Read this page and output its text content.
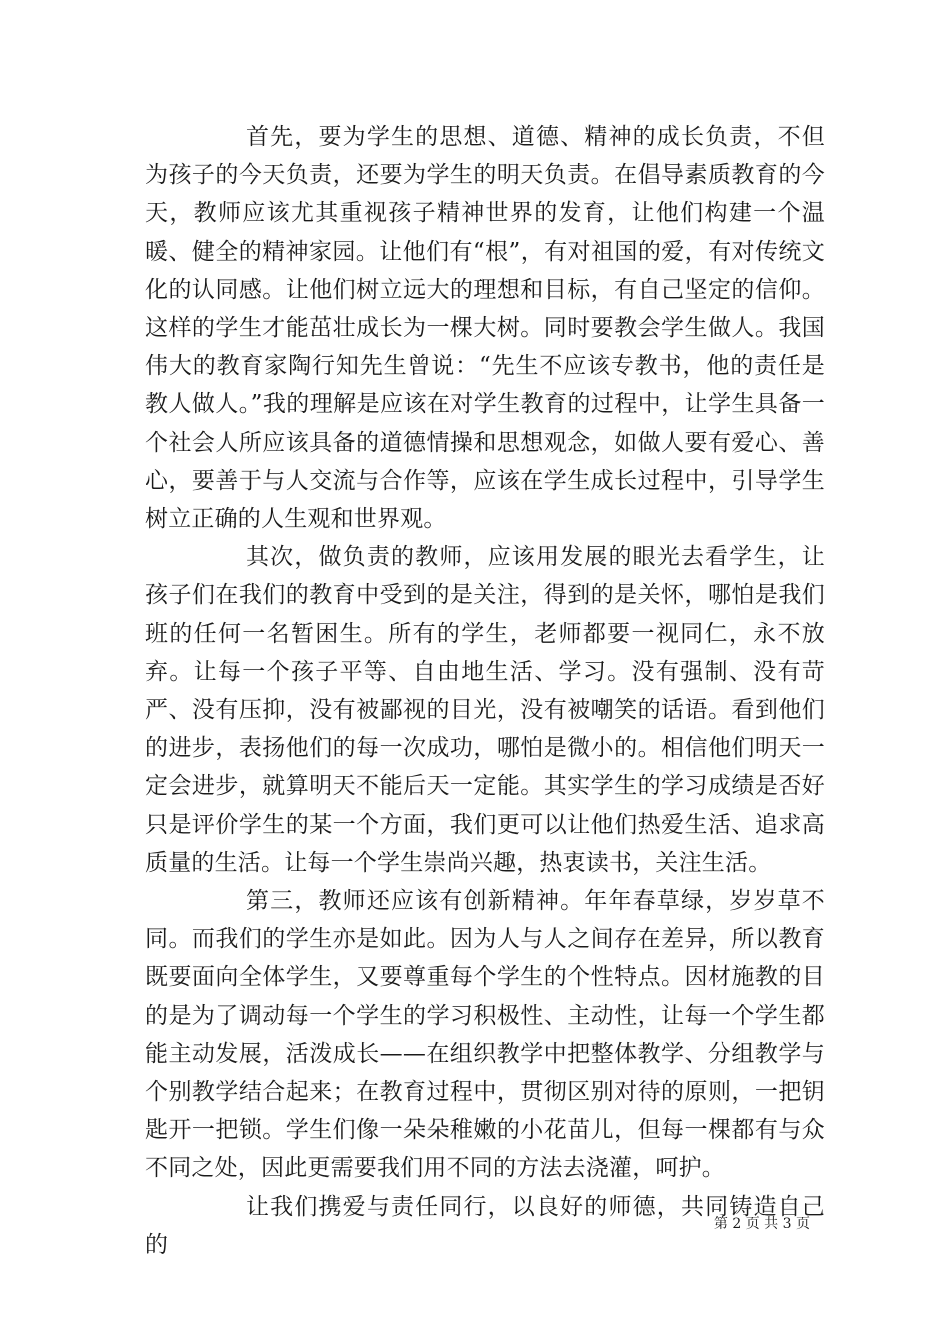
首先，要为学生的思想、道德、精神的成长负责，不但为孩子的今天负责，还要为学生的明天负责。在倡导素质教育的今天，教师应该尤其重视孩子精神世界的发育，让他们构建一个温暖、健全的精神家园。让他们有“根”，有对祖国的爱，有对传统文化的认同感。让他们树立远大的理想和目标，有自己坚定的信仰。这样的学生才能茁壮成长为一棵大树。同时要教会学生做人。我国伟大的教育家陶行知先生曾说：“先生不应该专教书，他的责任是教人做人。”我的理解是应该在对学生教育的过程中，让学生具备一个社会人所应该具备的道德情操和思想观念，如做人要有爱心、善心，要善于与人交流与合作等，应该在学生成长过程中，引导学生树立正确的人生观和世界观。

其次，做负责的教师，应该用发展的眼光去看学生，让孩子们在我们的教育中受到的是关注，得到的是关怀，哪怕是我们班的任何一名暂困生。所有的学生，老师都要一视同仁，永不放弃。让每一个孩子平等、自由地生活、学习。没有强制、没有苛严、没有压抑，没有被鄙视的目光，没有被嘲笑的话语。看到他们的进步，表扬他们的每一次成功，哪怕是微小的。相信他们明天一定会进步，就算明天不能后天一定能。其实学生的学习成绩是否好只是评价学生的某一个方面，我们更可以让他们热爱生活、追求高质量的生活。让每一个学生崇尚兴趣，热衷读书，关注生活。

第三，教师还应该有创新精神。年年春草绿，岁岁草不同。而我们的学生亦是如此。因为人与人之间存在差异，所以教育既要面向全体学生，又要尊重每个学生的个性特点。因材施教的目的是为了调动每一个学生的学习积极性、主动性，让每一个学生都能主动发展，活泼成长——在组织教学中把整体教学、分组教学与个别教学结合起来；在教育过程中，贯彻区别对待的原则，一把钥匙开一把锁。学生们像一朵朵稚嫩的小花苗儿，但每一棵都有与众不同之处，因此更需要我们用不同的方法去浇灌，呵护。

让我们携爱与责任同行，以良好的师德，共同铸造自己的

第 2 页 共 3 页
